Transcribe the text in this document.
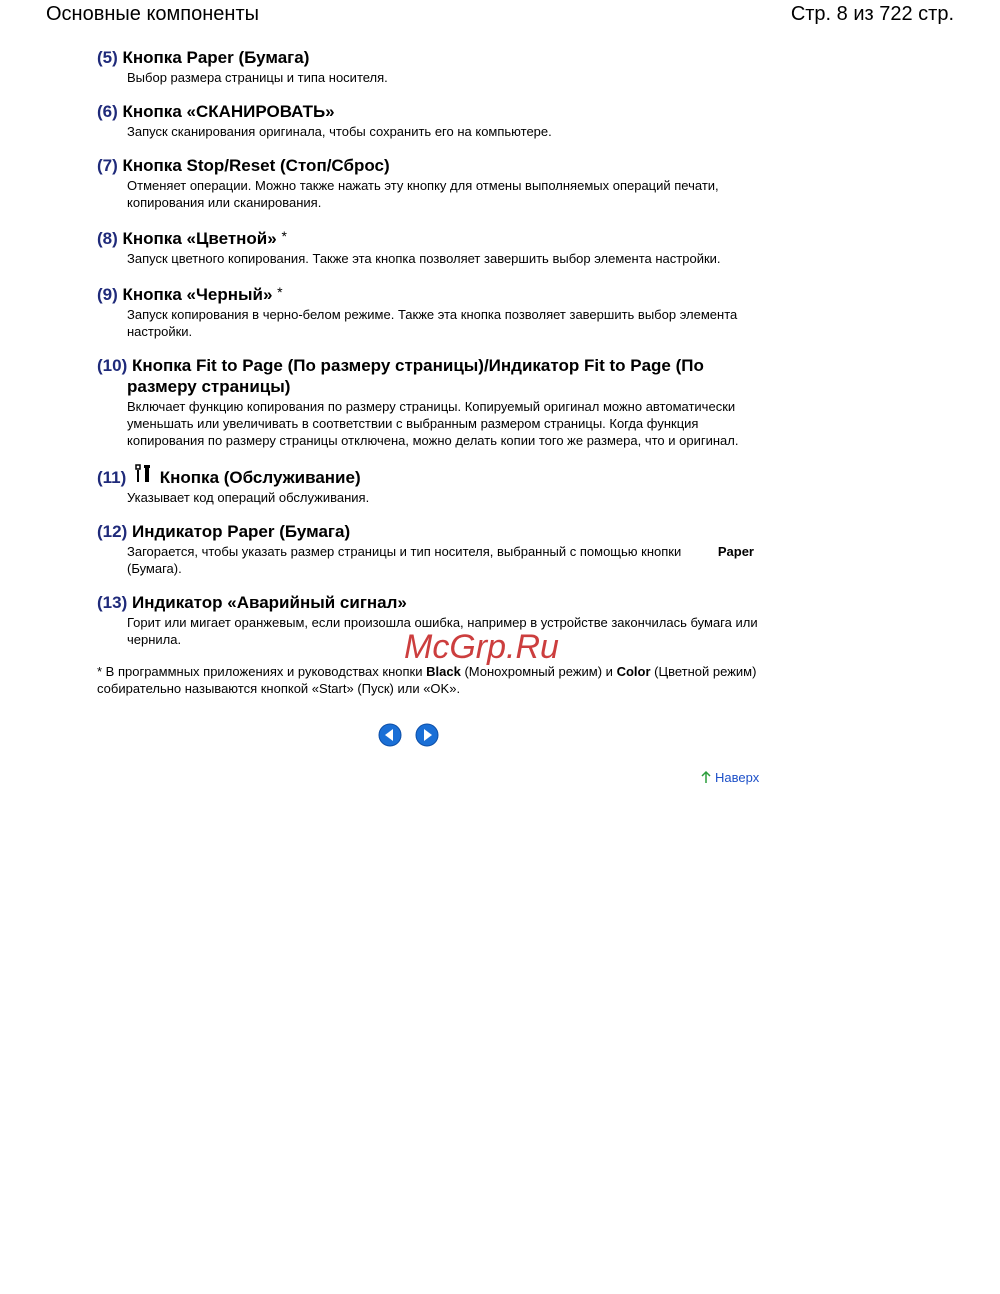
Основные компоненты	Стр. 8 из 722 стр.
(5) Кнопка Paper (Бумага)
Выбор размера страницы и типа носителя.
(6) Кнопка «СКАНИРОВАТЬ»
Запуск сканирования оригинала, чтобы сохранить его на компьютере.
(7) Кнопка Stop/Reset (Стоп/Сброс)
Отменяет операции. Можно также нажать эту кнопку для отмены выполняемых операций печати, копирования или сканирования.
(8) Кнопка «Цветной» *
Запуск цветного копирования. Также эта кнопка позволяет завершить выбор элемента настройки.
(9) Кнопка «Черный» *
Запуск копирования в черно-белом режиме. Также эта кнопка позволяет завершить выбор элемента настройки.
(10) Кнопка Fit to Page (По размеру страницы)/Индикатор Fit to Page (По размеру страницы)
Включает функцию копирования по размеру страницы. Копируемый оригинал можно автоматически уменьшать или увеличивать в соответствии с выбранным размером страницы. Когда функция копирования по размеру страницы отключена, можно делать копии того же размера, что и оригинал.
(11) Кнопка (Обслуживание)
Указывает код операций обслуживания.
(12) Индикатор Paper (Бумага)
Загорается, чтобы указать размер страницы и тип носителя, выбранный с помощью кнопки	Paper

(Бумага).
(13) Индикатор «Аварийный сигнал»
Горит или мигает оранжевым, если произошла ошибка, например в устройстве закончилась бумага или чернила.
* В программных приложениях и руководствах кнопки Black (Монохромный режим) и Color (Цветной режим) собирательно называются кнопкой «Start» (Пуск) или «OK».
McGrp.Ru
Наверх
